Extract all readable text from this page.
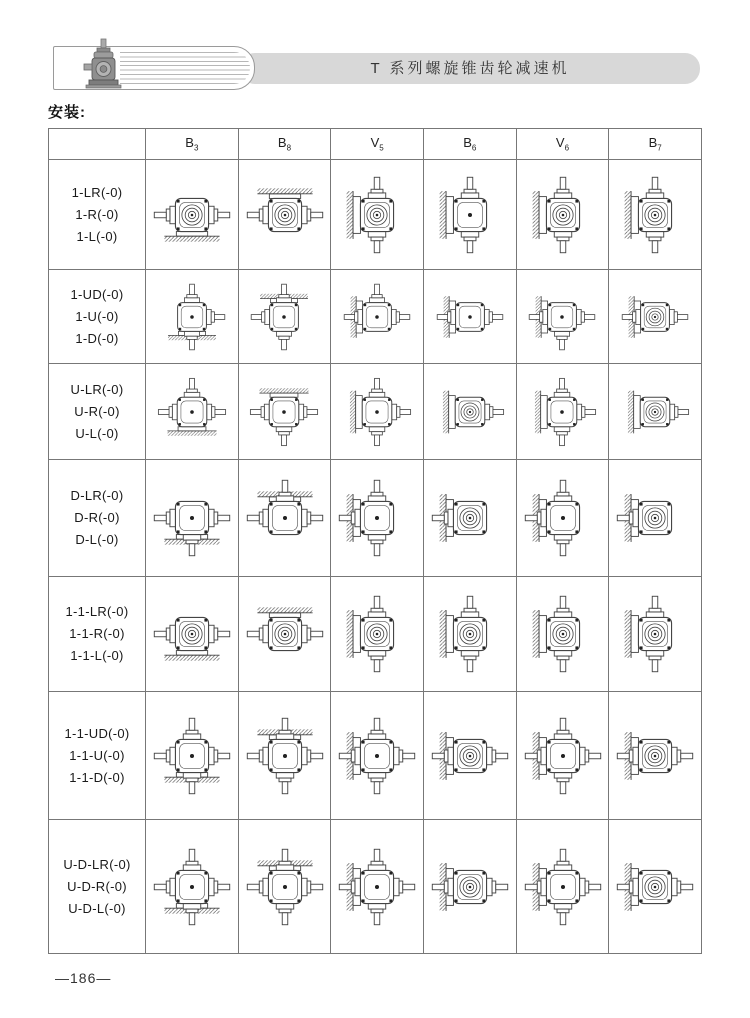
T 系列螺旋锥齿轮减速机
安装:
	$B_3$	$B_8$	$V_5$	$B_6$	$V_6$	$B_7$

1-LR(-0)
1-R(-0)
1-L(-0)

1-UD(-0)
1-U(-0)
1-D(-0)

U-LR(-0)
U-R(-0)
U-L(-0)

D-LR(-0)
D-R(-0)
D-L(-0)

1-1-LR(-0)
1-1-R(-0)
1-1-L(-0)

1-1-UD(-0)
1-1-U(-0)
1-1-D(-0)

U-D-LR(-0)
U-D-R(-0)
U-D-L(-0)

—186—
